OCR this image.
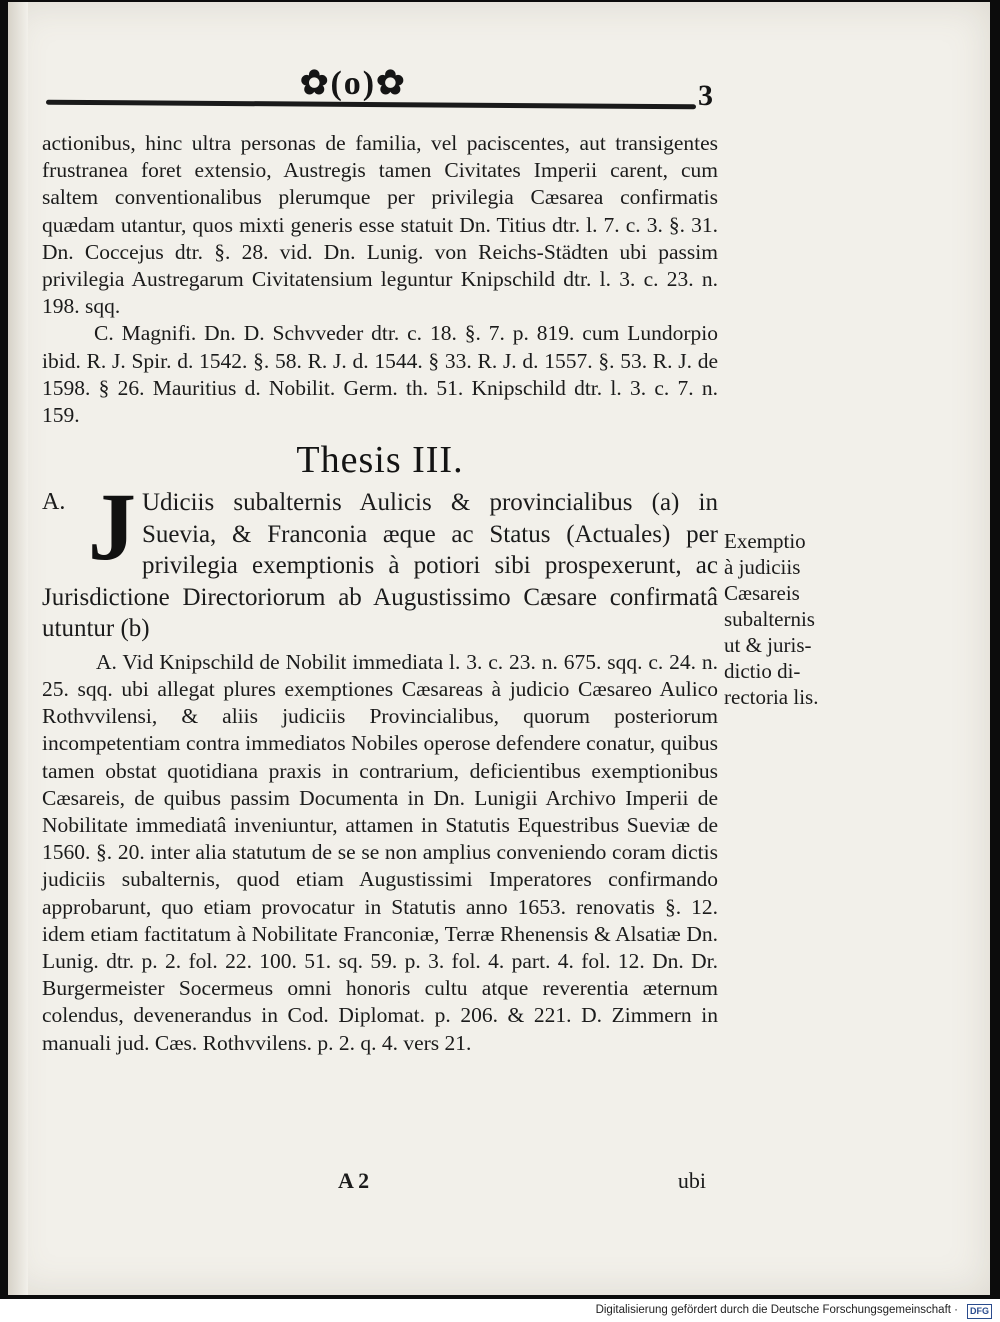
✿(o)✿	3

actionibus, hinc ultra personas de familia, vel paciscentes, aut transigentes frustranea foret extensio, Austregis tamen Civitates Imperii carent, cum saltem conventionalibus plerumque per privilegia Cæsarea confirmatis quædam utantur, quos mixti generis esse statuit Dn. Titius dtr. l. 7. c. 3. §. 31. Dn. Coccejus dtr. §. 28. vid. Dn. Lunig. von Reichs-Städten ubi passim privilegia Austregarum Civitatensium leguntur Knipschild dtr. l. 3. c. 23. n. 198. sqq.

C. Magnifi. Dn. D. Schvveder dtr. c. 18. §. 7. p. 819. cum Lundorpio ibid. R. J. Spir. d. 1542. §. 58. R. J. d. 1544. § 33. R. J. d. 1557. §. 53. R. J. de 1598. § 26. Mauritius d. Nobilit. Germ. th. 51. Knipschild dtr. l. 3. c. 7. n. 159.

Thesis III.

A. J Udiciis subalternis Aulicis & provincialibus (a) in Suevia, & Franconia æque ac Status (Actuales) per privilegia exemptionis à potiori sibi prospexerunt, ac Jurisdictione Directoriorum ab Augustissimo Cæsare confirmatâ utuntur (b)

A. Vid Knipschild de Nobilit immediata l. 3. c. 23. n. 675. sqq. c. 24. n. 25. sqq. ubi allegat plures exemptiones Cæsareas à judicio Cæsareo Aulico Rothvvilensi, & aliis judiciis Provincialibus, quorum posteriorum incompetentiam contra immediatos Nobiles operose defendere conatur, quibus tamen obstat quotidiana praxis in contrarium, deficientibus exemptionibus Cæsareis, de quibus passim Documenta in Dn. Lunigii Archivo Imperii de Nobilitate immediatâ inveniuntur, attamen in Statutis Equestribus Sueviæ de 1560. §. 20. inter alia statutum de se se non amplius conveniendo coram dictis judiciis subalternis, quod etiam Augustissimi Imperatores confirmando approbarunt, quo etiam provocatur in Statutis anno 1653. renovatis §. 12. idem etiam factitatum à Nobilitate Franconiæ, Terræ Rhenensis & Alsatiæ Dn. Lunig. dtr. p. 2. fol. 22. 100. 51. sq. 59. p. 3. fol. 4. part. 4. fol. 12. Dn. Dr. Burgermeister Socermeus omni honoris cultu atque reverentia æternum colendus, devenerandus in Cod. Diplomat. p. 206. & 221. D. Zimmern in manuali jud. Cæs. Rothvvilens. p. 2. q. 4. vers 21.

Exemptio
à judiciis
Cæsareis
subalternis
ut & juris-
dictio di-
rectoria lis.
A 2	ubi
Digitalisierung gefördert durch die Deutsche Forschungsgemeinschaft ·	DFG
